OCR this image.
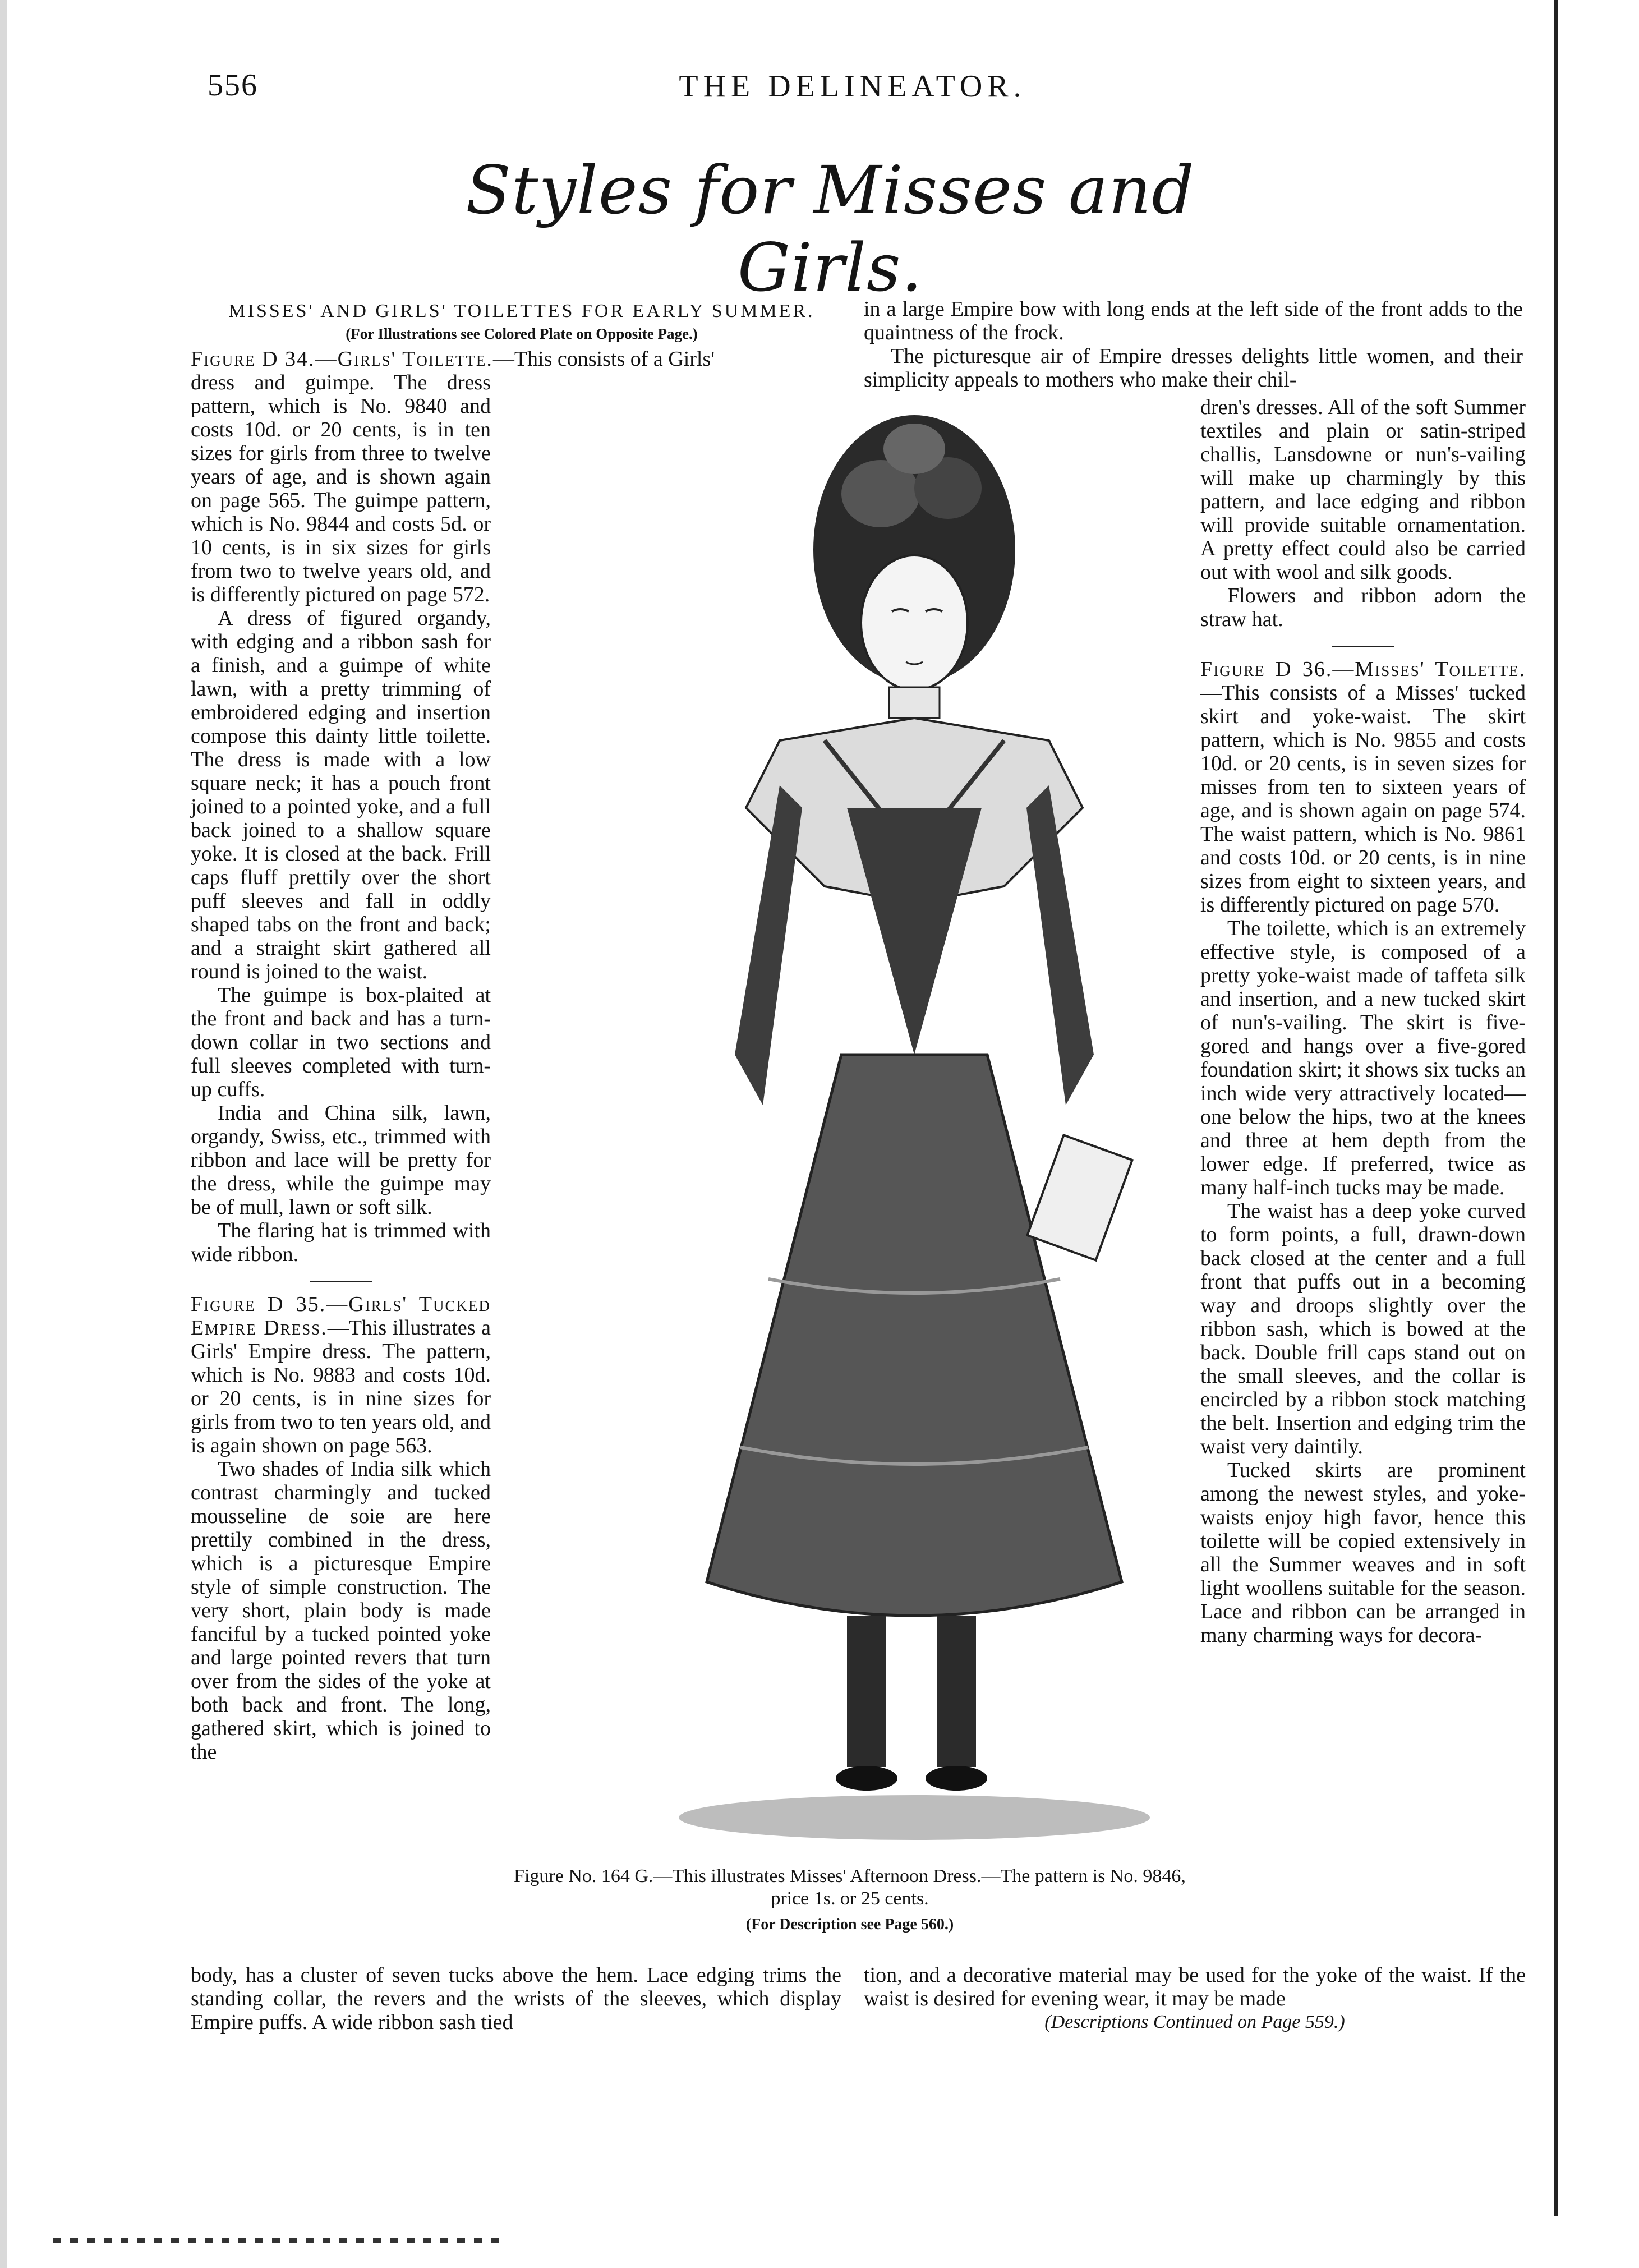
556	THE DELINEATOR.
Styles for Misses and Girls.
MISSES' AND GIRLS' TOILETTES FOR EARLY SUMMER.
(For Illustrations see Colored Plate on Opposite Page.)

Figure D 34.—Girls' Toilette.—This consists of a Girls'

dress and guimpe. The dress pattern, which is No. 9840 and costs 10d. or 20 cents, is in ten sizes for girls from three to twelve years of age, and is shown again on page 565. The guimpe pattern, which is No. 9844 and costs 5d. or 10 cents, is in six sizes for girls from two to twelve years old, and is differently pictured on page 572.

A dress of figured organdy, with edging and a ribbon sash for a finish, and a guimpe of white lawn, with a pretty trimming of embroidered edging and insertion compose this dainty little toilette. The dress is made with a low square neck; it has a pouch front joined to a pointed yoke, and a full back joined to a shallow square yoke. It is closed at the back. Frill caps fluff prettily over the short puff sleeves and fall in oddly shaped tabs on the front and back; and a straight skirt gathered all round is joined to the waist.

The guimpe is box-plaited at the front and back and has a turn-down collar in two sections and full sleeves completed with turn-up cuffs.

India and China silk, lawn, organdy, Swiss, etc., trimmed with ribbon and lace will be pretty for the dress, while the guimpe may be of mull, lawn or soft silk.

The flaring hat is trimmed with wide ribbon.

Figure D 35.—Girls' Tucked Empire Dress.—This illustrates a Girls' Empire dress. The pattern, which is No. 9883 and costs 10d. or 20 cents, is in nine sizes for girls from two to ten years old, and is again shown on page 563.

Two shades of India silk which contrast charmingly and tucked mousseline de soie are here prettily combined in the dress, which is a picturesque Empire style of simple construction. The very short, plain body is made fanciful by a tucked pointed yoke and large pointed revers that turn over from the sides of the yoke at both back and front. The long, gathered skirt, which is joined to the

in a large Empire bow with long ends at the left side of the front adds to the quaintness of the frock.

The picturesque air of Empire dresses delights little women, and their simplicity appeals to mothers who make their chil-

dren's dresses. All of the soft Summer textiles and plain or satin-striped challis, Lansdowne or nun's-vailing will make up charmingly by this pattern, and lace edging and ribbon will provide suitable ornamentation. A pretty effect could also be carried out with wool and silk goods.

Flowers and ribbon adorn the straw hat.

Figure D 36.—Misses' Toilette.—This consists of a Misses' tucked skirt and yoke-waist. The skirt pattern, which is No. 9855 and costs 10d. or 20 cents, is in seven sizes for misses from ten to sixteen years of age, and is shown again on page 574. The waist pattern, which is No. 9861 and costs 10d. or 20 cents, is in nine sizes from eight to sixteen years, and is differently pictured on page 570.

The toilette, which is an extremely effective style, is composed of a pretty yoke-waist made of taffeta silk and insertion, and a new tucked skirt of nun's-vailing. The skirt is five-gored and hangs over a five-gored foundation skirt; it shows six tucks an inch wide very attractively located—one below the hips, two at the knees and three at hem depth from the lower edge. If preferred, twice as many half-inch tucks may be made.

The waist has a deep yoke curved to form points, a full, drawn-down back closed at the center and a full front that puffs out in a becoming way and droops slightly over the ribbon sash, which is bowed at the back. Double frill caps stand out on the small sleeves, and the collar is encircled by a ribbon stock matching the belt. Insertion and edging trim the waist very daintily.

Tucked skirts are prominent among the newest styles, and yoke-waists enjoy high favor, hence this toilette will be copied extensively in all the Summer weaves and in soft light woollens suitable for the season. Lace and ribbon can be arranged in many charming ways for decora-

Figure No. 164 G.—This illustrates Misses' Afternoon Dress.—The pattern is No. 9846, price 1s. or 25 cents.
(For Description see Page 560.)
body, has a cluster of seven tucks above the hem. Lace edging trims the standing collar, the revers and the wrists of the sleeves, which display Empire puffs. A wide ribbon sash tied
tion, and a decorative material may be used for the yoke of the waist. If the waist is desired for evening wear, it may be made
(Descriptions Continued on Page 559.)
